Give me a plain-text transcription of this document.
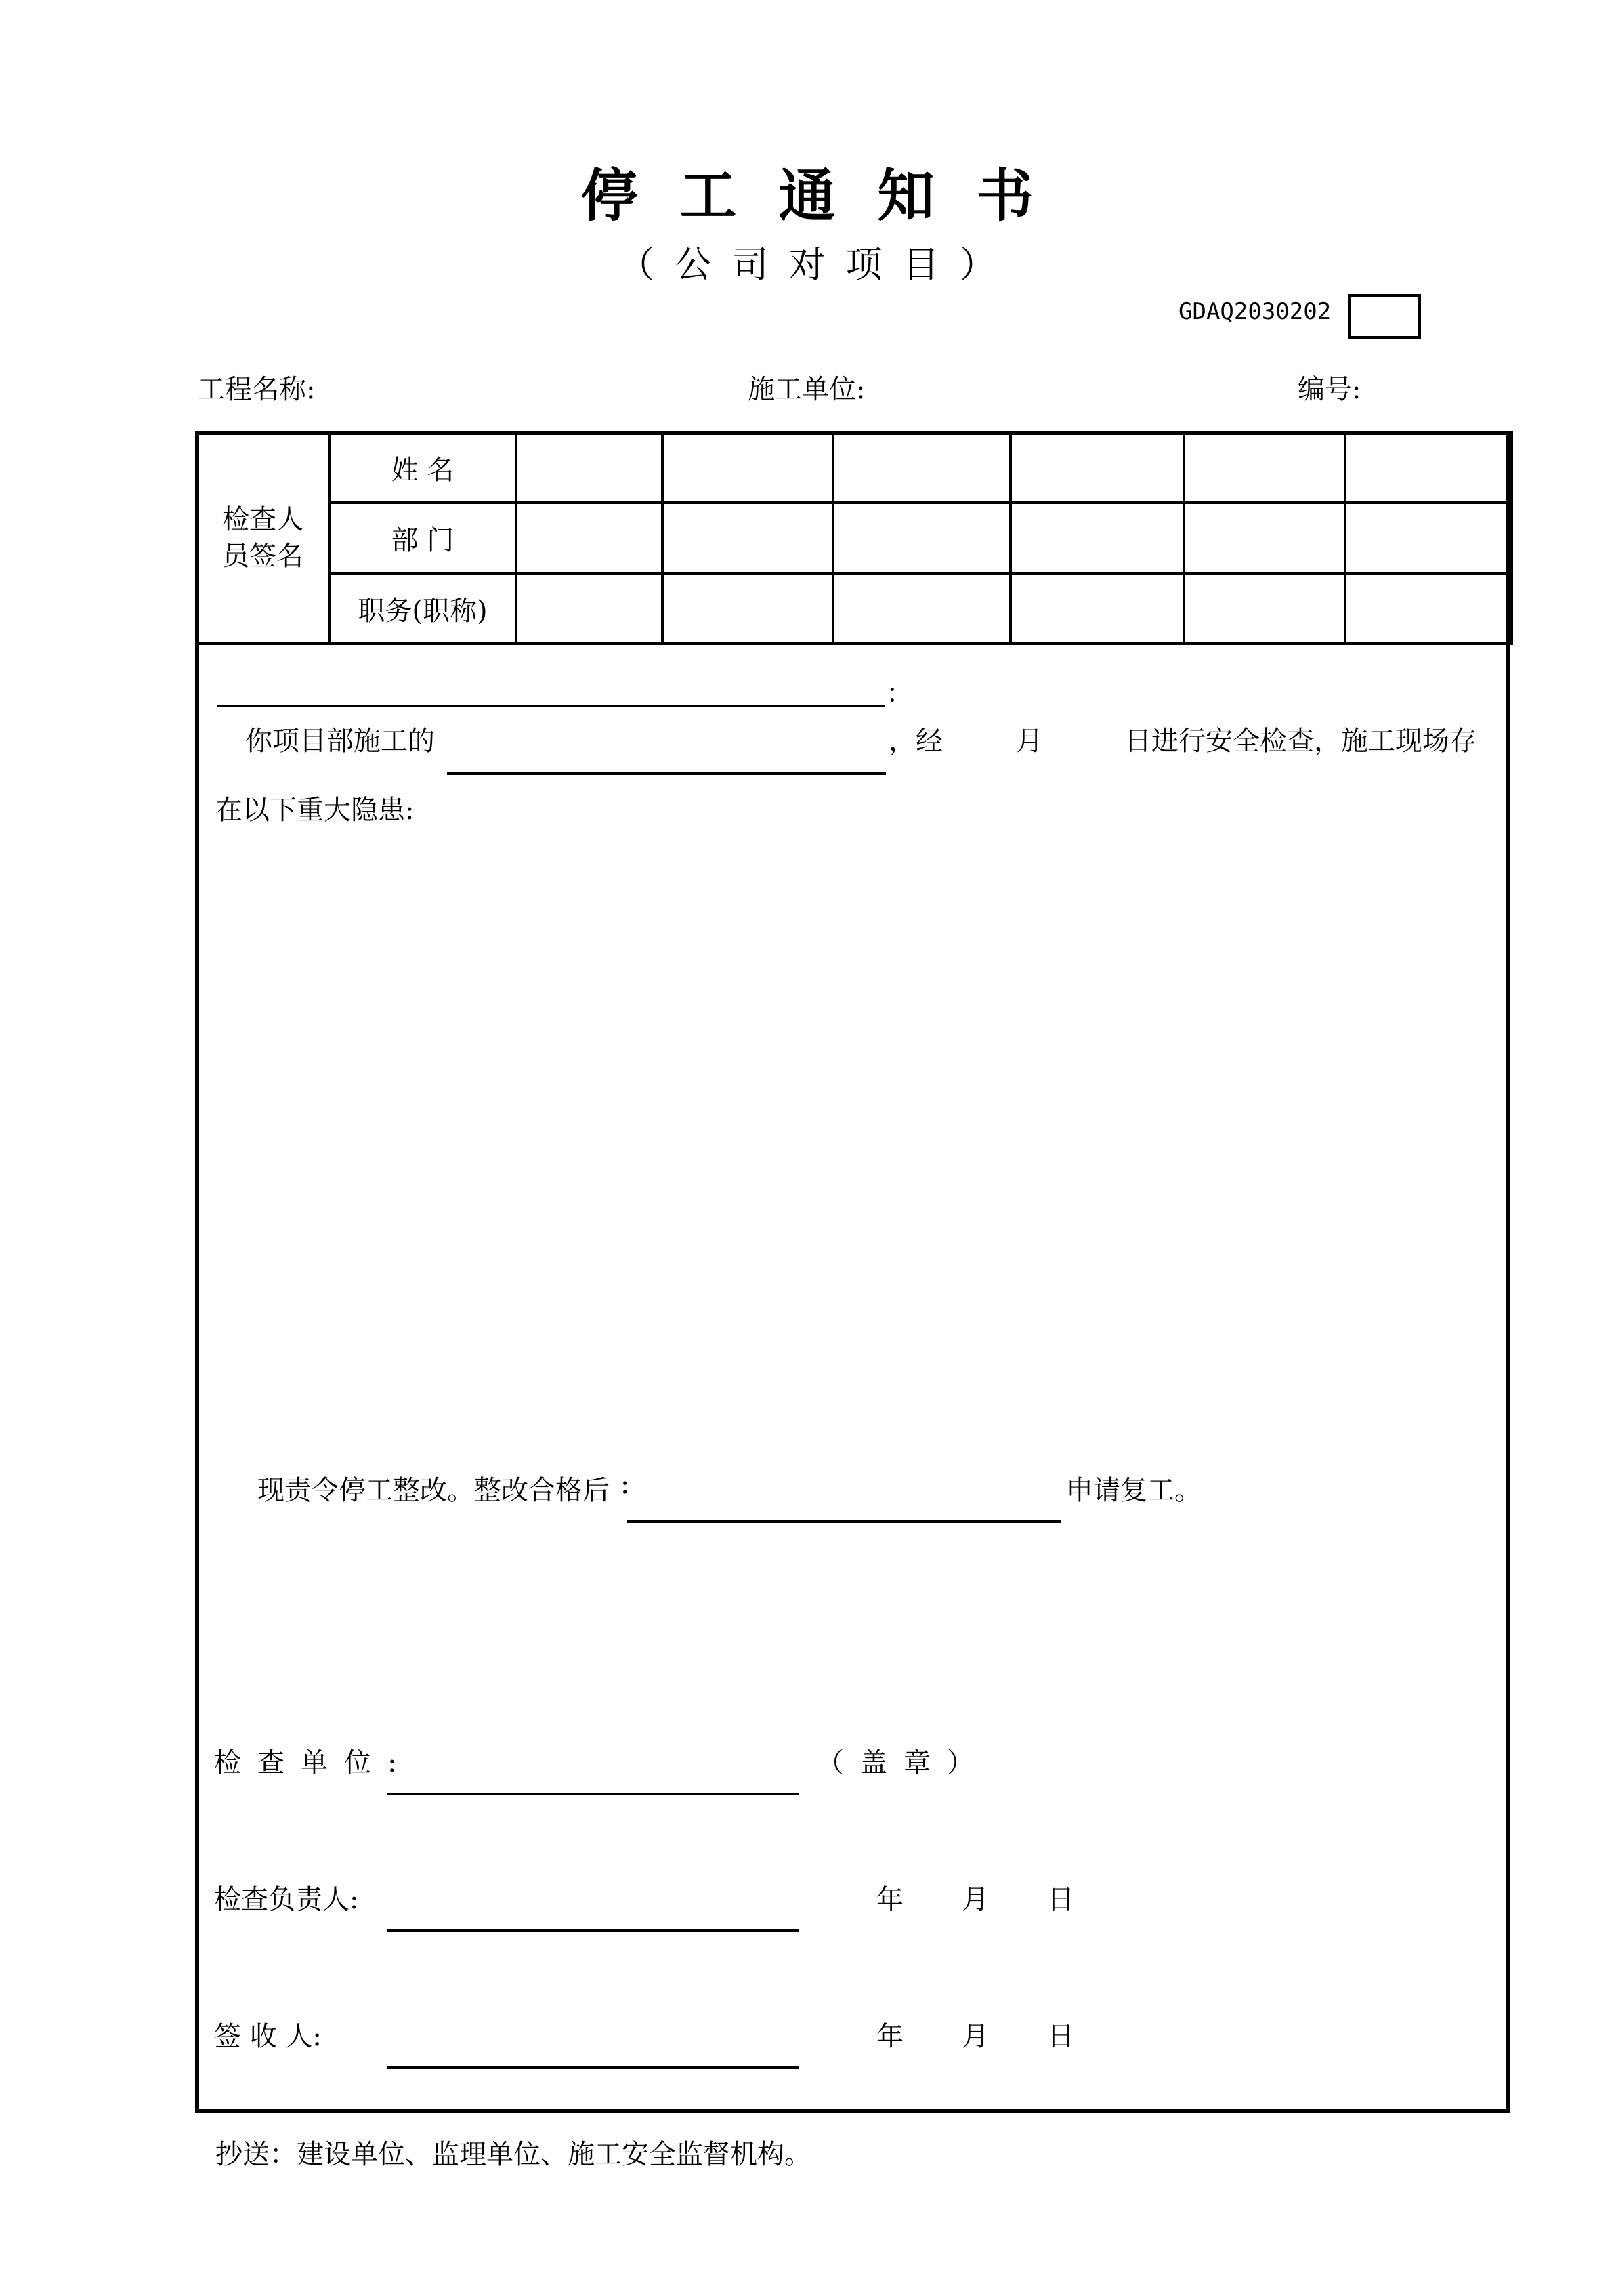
停工通知书
（公司对项目）
GDAQ2030202
工程名称:	施工单位:	编号:
检查人
员签名	姓 名						
	部 门						
	职务(职称)						
：
你项目部施工的	，经	月	日进行安全检查，施工现场存
在以下重大隐患:
现责令停工整改。整改合格后 :	申请复工。
检查单位:	（盖章）
检查负责人:	年 月 日
签 收 人:	年 月 日
抄送：建设单位、监理单位、施工安全监督机构。
